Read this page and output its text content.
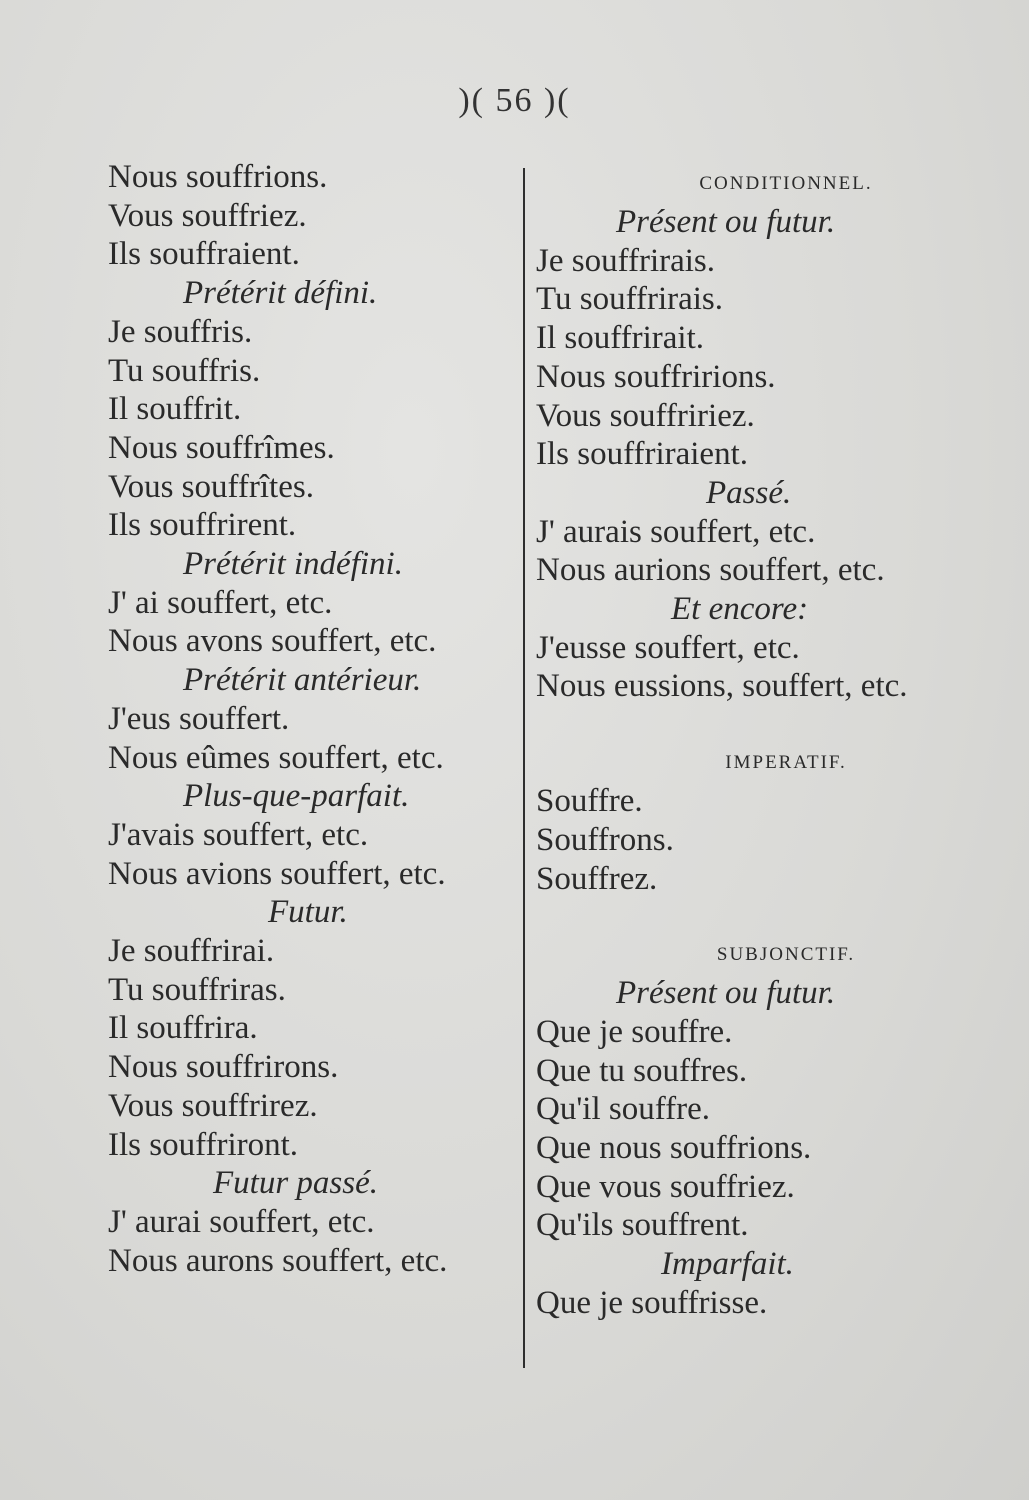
)( 56 )(
Nous souffrions.
Vous souffriez.
Ils souffraient.
Prétérit défini.
Je souffris.
Tu souffris.
Il souffrit.
Nous souffrîmes.
Vous souffrîtes.
Ils souffrirent.
Prétérit indéfini.
J' ai souffert, etc.
Nous avons souffert, etc.
Prétérit antérieur.
J'eus souffert.
Nous eûmes souffert, etc.
Plus-que-parfait.
J'avais souffert, etc.
Nous avions souffert, etc.
Futur.
Je souffrirai.
Tu souffriras.
Il souffrira.
Nous souffrirons.
Vous souffrirez.
Ils souffriront.
Futur passé.
J' aurai souffert, etc.
Nous aurons souffert, etc.
CONDITIONNEL.
Présent ou futur.
Je souffrirais.
Tu souffrirais.
Il souffrirait.
Nous souffririons.
Vous souffririez.
Ils souffriraient.
Passé.
J' aurais souffert, etc.
Nous aurions souffert, etc.
Et encore:
J'eusse souffert, etc.
Nous eussions, souffert, etc.
IMPERATIF.
Souffre.
Souffrons.
Souffrez.
SUBJONCTIF.
Présent ou futur.
Que je souffre.
Que tu souffres.
Qu'il souffre.
Que nous souffrions.
Que vous souffriez.
Qu'ils souffrent.
Imparfait.
Que je souffrisse.
